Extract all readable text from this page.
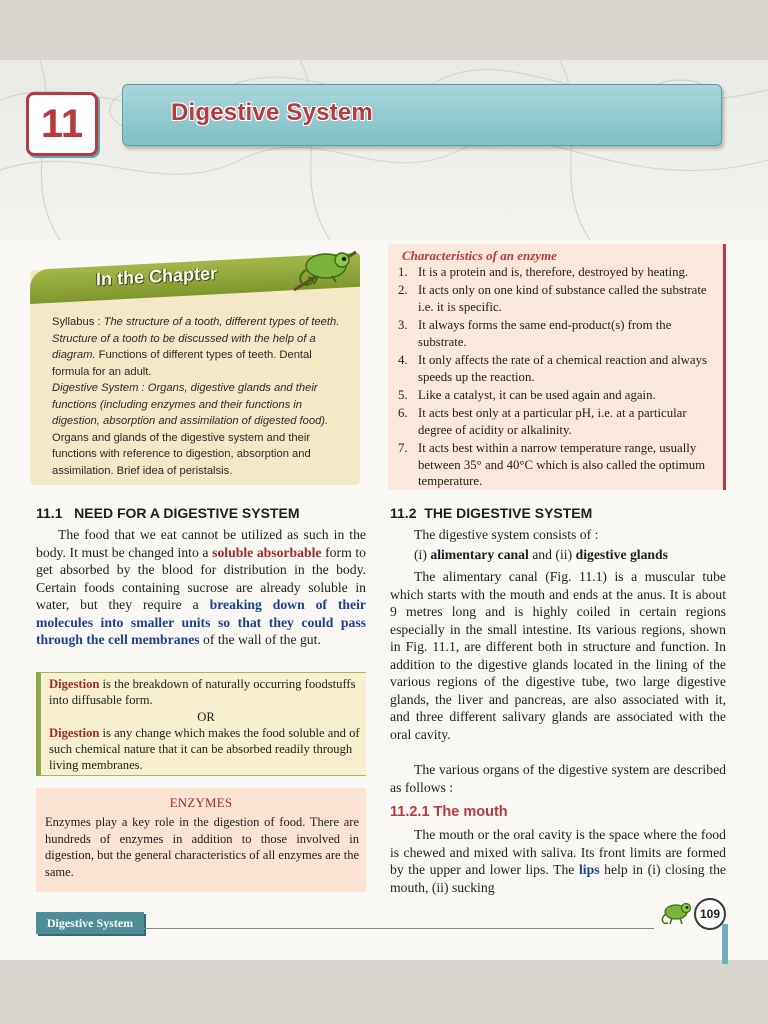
11	Digestive System
In the Chapter

Syllabus : The structure of a tooth, different types of teeth. Structure of a tooth to be discussed with the help of a diagram. Functions of different types of teeth. Dental formula for an adult.

Digestive System : Organs, digestive glands and their functions (including enzymes and their functions in digestion, absorption and assimilation of digested food). Organs and glands of the digestive system and their functions with reference to digestion, absorption and assimilation. Brief idea of peristalsis.

Characteristics of an enzyme
1. It is a protein and is, therefore, destroyed by heating.
2. It acts only on one kind of substance called the substrate i.e. it is specific.
3. It always forms the same end-product(s) from the substrate.
4. It only affects the rate of a chemical reaction and always speeds up the reaction.
5. Like a catalyst, it can be used again and again.
6. It acts best only at a particular pH, i.e. at a particular degree of acidity or alkalinity.
7. It acts best within a narrow temperature range, usually between 35° and 40°C which is also called the optimum temperature.
11.1 NEED FOR A DIGESTIVE SYSTEM
The food that we eat cannot be utilized as such in the body. It must be changed into a soluble absorbable form to get absorbed by the blood for distribution in the body. Certain foods containing sucrose are already soluble in water, but they require a breaking down of their molecules into smaller units so that they could pass through the cell membranes of the wall of the gut.

Digestion is the breakdown of naturally occurring foodstuffs into diffusable form.

OR

Digestion is any change which makes the food soluble and of such chemical nature that it can be absorbed readily through living membranes.

ENZYMES

Enzymes play a key role in the digestion of food. There are hundreds of enzymes in addition to those involved in digestion, but the general characteristics of all enzymes are the same.

11.2 THE DIGESTIVE SYSTEM
The digestive system consists of :
(i) alimentary canal and (ii) digestive glands
The alimentary canal (Fig. 11.1) is a muscular tube which starts with the mouth and ends at the anus. It is about 9 metres long and is highly coiled in certain regions especially in the small intestine. Its various regions, shown in Fig. 11.1, are different both in structure and function. In addition to the digestive glands located in the lining of the various regions of the digestive tube, two large digestive glands, the liver and pancreas, are also associated with it, and three different salivary glands are associated with the oral cavity.
The various organs of the digestive system are described as follows :
11.2.1 The mouth
The mouth or the oral cavity is the space where the food is chewed and mixed with saliva. Its front limits are formed by the upper and lower lips. The lips help in (i) closing the mouth, (ii) sucking
Digestive System
109
